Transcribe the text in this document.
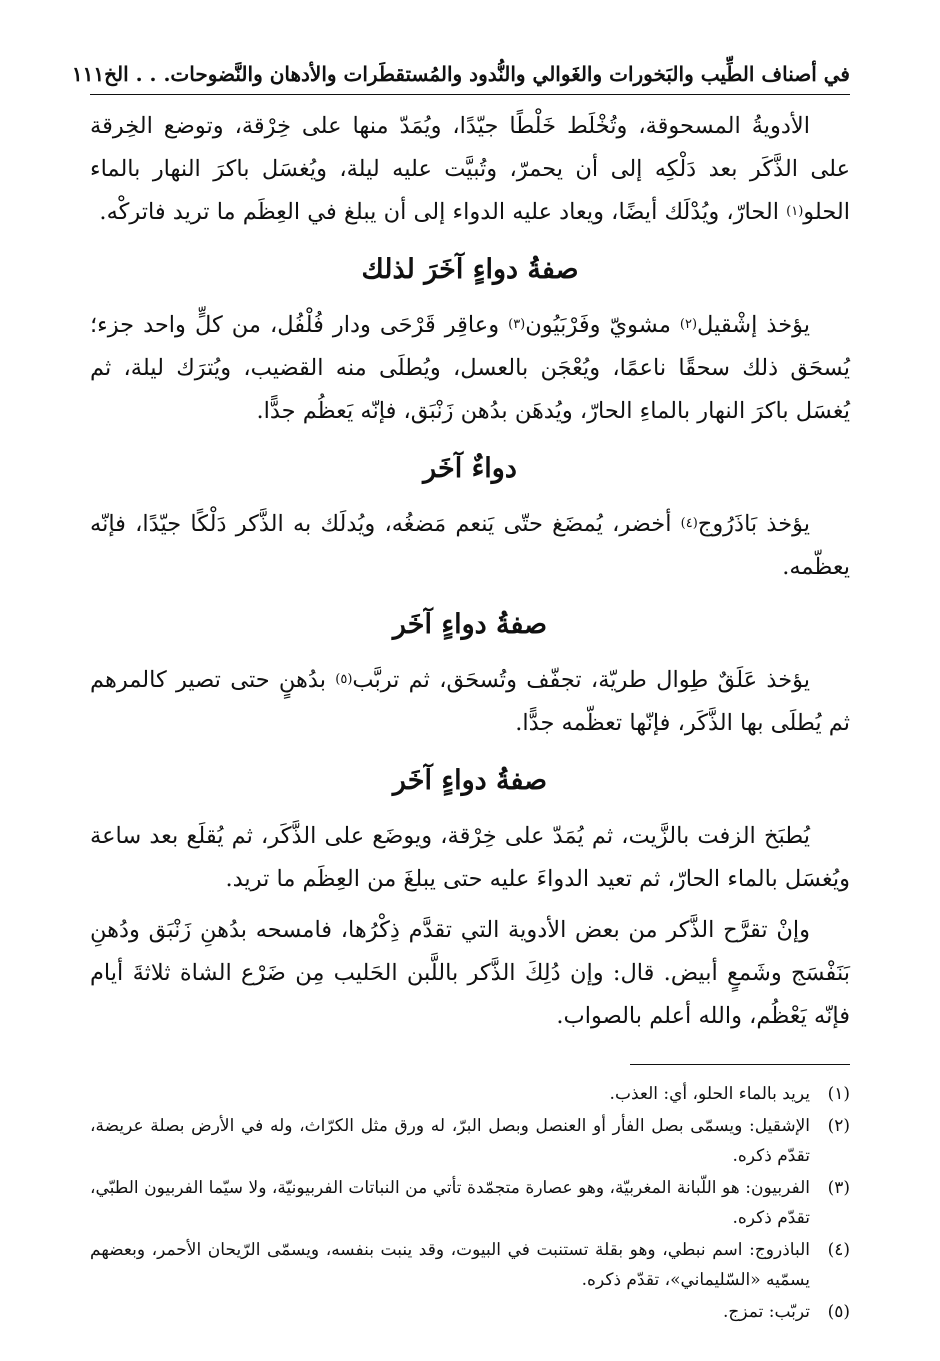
في أصناف الطِّيب والبَخورات والغَوالي والنُّدود والمُستقطَرات والأدهان والنَّضوحات. . . الخ
١١١

الأدويةُ المسحوقة، وتُخْلَط خَلْطًا جيّدًا، ويُمَدّ منها على خِرْقة، وتوضع الخِرقة على الذَّكَر بعد دَلْكِه إلى أن يحمرّ، وتُبيَّت عليه ليلة، ويُغسَل باكرَ النهار بالماء الحلو$^{(١)}$ الحارّ، ويُدْلَك أيضًا، ويعاد عليه الدواء إلى أن يبلغ في العِظَم ما تريد فاتركْه.

صفةُ دواءٍ آخَرَ لذلك

يؤخذ إشْقيل$^{(٢)}$ مشويّ وفَرْبَيُون$^{(٣)}$ وعاقِر قَرْحَى ودار فُلْفُل، من كلٍّ واحد جزء؛ يُسحَق ذلك سحقًا ناعمًا، ويُعْجَن بالعسل، ويُطلَى منه القضيب، ويُترَك ليلة، ثم يُغسَل باكرَ النهار بالماءِ الحارّ، ويُدهَن بدُهن زَنْبَق، فإنّه يَعظُم جدًّا.

دواءٌ آخَر

يؤخذ بَاذَرُوج$^{(٤)}$ أخضر، يُمضَغ حتّى يَنعم مَضغُه، ويُدلَك به الذَّكر دَلْكًا جيّدًا، فإنّه يعظّمه.

صفةُ دواءٍ آخَر

يؤخذ عَلَقٌ طِوال طريّة، تجفّف وتُسحَق، ثم تربَّب$^{(٥)}$ بدُهنٍ حتى تصير كالمرهم ثم يُطلَى بها الذَّكَر، فإنّها تعظّمه جدًّا.

صفةُ دواءٍ آخَر

يُطبَخ الزفت بالزَّيت، ثم يُمَدّ على خِرْقة، ويوضَع على الذَّكَر، ثم يُقلَع بعد ساعة ويُغسَل بالماء الحارّ، ثم تعيد الدواءَ عليه حتى يبلغَ من العِظَم ما تريد.

وإنْ تقرَّح الذَّكر من بعض الأدوية التي تقدَّم ذِكْرُها، فامسحه بدُهنِ زَنْبَق ودُهنِ بَنَفْسَج وشَمعٍ أبيض. قال: وإن دُلِكَ الذَّكر باللَّبن الحَليب مِن ضَرْع الشاة ثلاثةَ أيام فإنّه يَعْظُم، والله أعلم بالصواب.

(١)
يريد بالماء الحلو، أي: العذب.
(٢)
الإشقيل: ويسمّى بصل الفأر أو العنصل وبصل البرّ، له ورق مثل الكرّاث، وله في الأرض بصلة عريضة، تقدّم ذكره.
(٣)
الفربيون: هو اللّبانة المغربيّة، وهو عصارة متجمّدة تأتي من النباتات الفربيونيّة، ولا سيّما الفربيون الطبّي، تقدّم ذكره.
(٤)
الباذروج: اسم نبطي، وهو بقلة تستنبت في البيوت، وقد ينبت بنفسه، ويسمّى الرّيحان الأحمر، وبعضهم يسمّيه «السّليماني»، تقدّم ذكره.
(٥)
تربّب: تمزج.
